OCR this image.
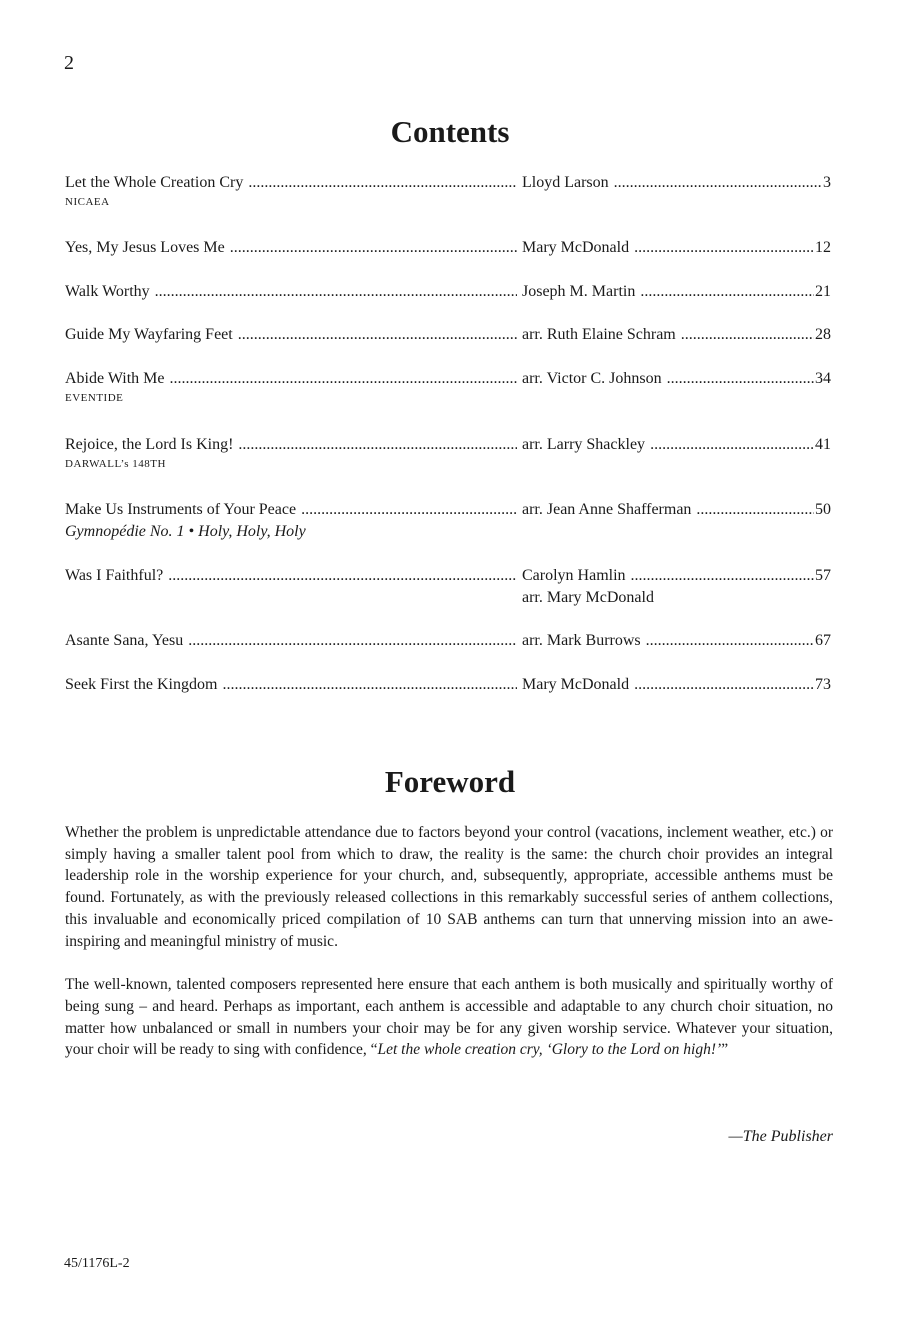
2
Contents
Let the Whole Creation Cry .....	Lloyd Larson .....	3
NICAEA
Yes, My Jesus Loves Me .....	Mary McDonald .....	12
Walk Worthy .....	Joseph M. Martin .....	21
Guide My Wayfaring Feet .....	arr. Ruth Elaine Schram .....	28
Abide With Me .....	arr. Victor C. Johnson .....	34
EVENTIDE
Rejoice, the Lord Is King! .....	arr. Larry Shackley .....	41
DARWALL’s 148TH
Make Us Instruments of Your Peace .....	arr. Jean Anne Shafferman .....	50
Gymnopédie No. 1 • Holy, Holy, Holy
Was I Faithful? .....	Carolyn Hamlin .....	57
arr. Mary McDonald
Asante Sana, Yesu .....	arr. Mark Burrows .....	67
Seek First the Kingdom .....	Mary McDonald .....	73
Foreword

Whether the problem is unpredictable attendance due to factors beyond your control (vacations, inclement weather, etc.) or simply having a smaller talent pool from which to draw, the reality is the same: the church choir provides an integral leadership role in the worship experience for your church, and, subsequently, appropriate, accessible anthems must be found. Fortunately, as with the previously released collections in this remarkably successful series of anthem collections, this invaluable and economically priced compilation of 10 SAB anthems can turn that unnerving mission into an awe-inspiring and meaningful ministry of music.

The well-known, talented composers represented here ensure that each anthem is both musically and spiritually worthy of being sung – and heard. Perhaps as important, each anthem is accessible and adaptable to any church choir situation, no matter how unbalanced or small in numbers your choir may be for any given worship service. Whatever your situation, your choir will be ready to sing with confidence, “Let the whole creation cry, ‘Glory to the Lord on high!’”

—The Publisher
45/1176L-2
